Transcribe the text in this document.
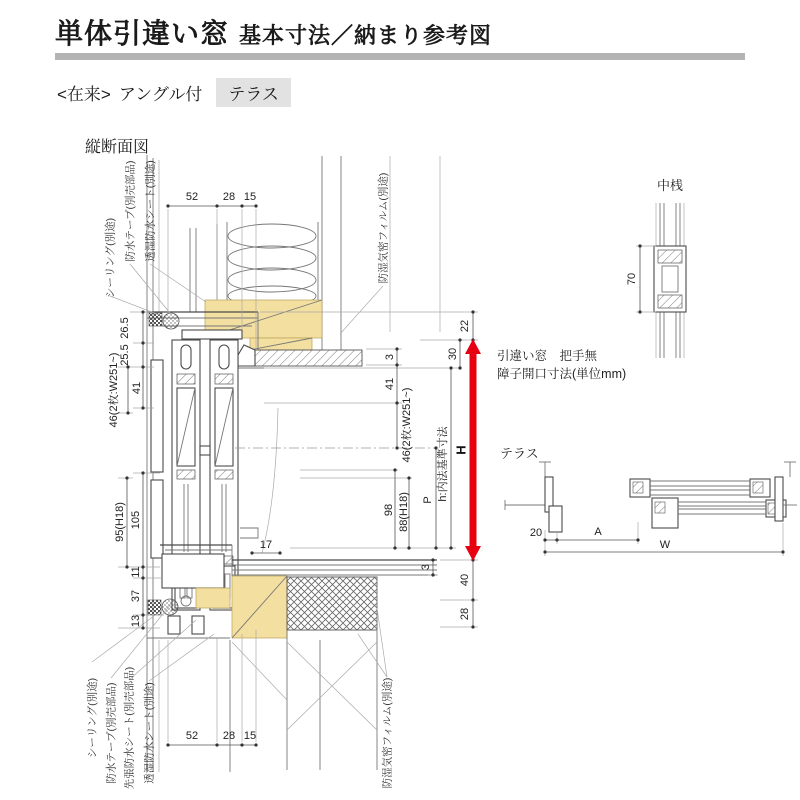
単体引違い窓 基本寸法／納まり参考図
<在来> アングル付	テラス
縦断面図
シーリング(別途) 防水テープ(別売部品) 透湿防水シート(別途)	防湿気密フィルム(別途)
シーリング(別途) 防水テープ(別売部品) 先張防水シート(別売部品) 透湿防水シート(別途)	防湿気密フィルム(別途)
52 28 15
52 28 15
26.5
25.5
41
46(2枚:W251~)
105
95(H18)
11
37
13
3
41
46(2枚:W251~)
98 88(H18) P h:内法基準寸法
30
22
3
40
28
17
H
中桟
70
引違い窓　把手無
障子開口寸法(単位mm)
テラス
20	A
W
